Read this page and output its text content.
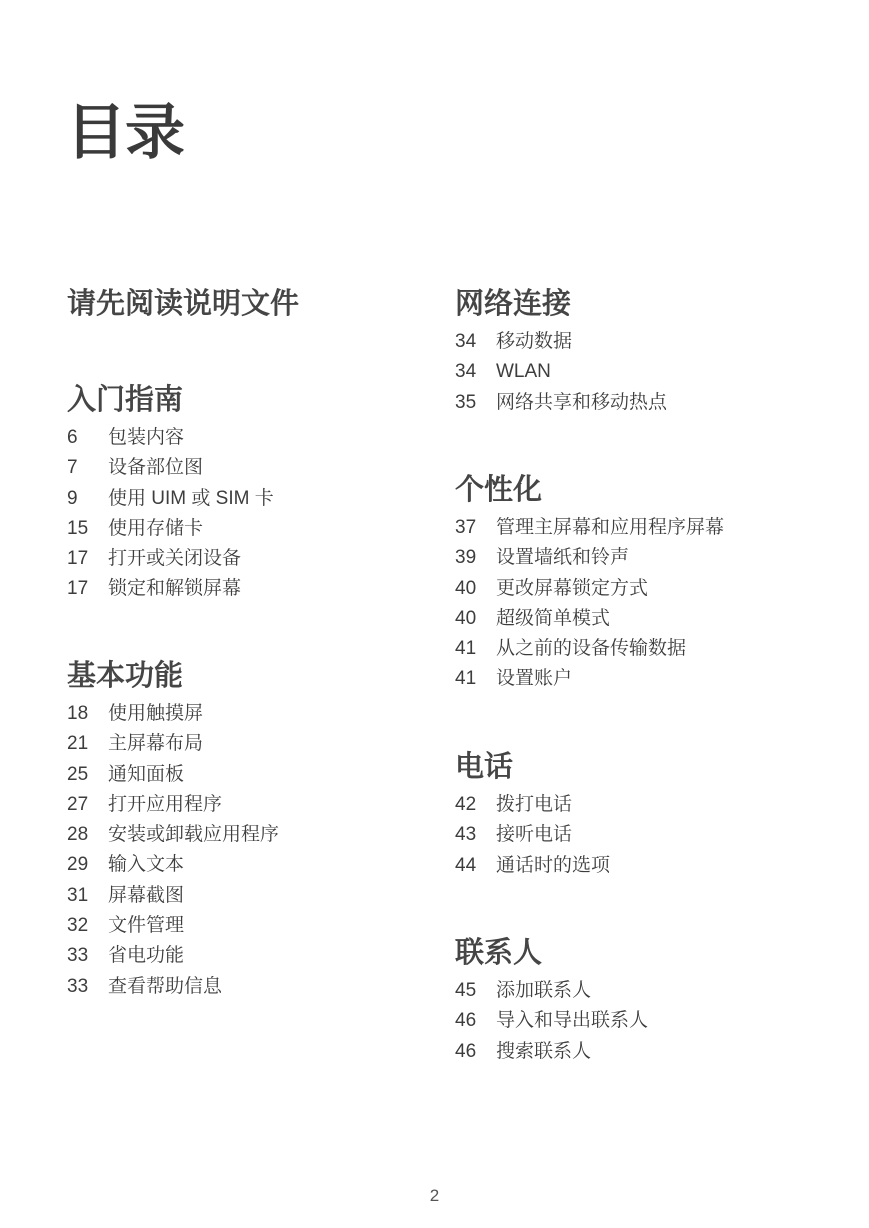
目录
请先阅读说明文件
入门指南
6	包装内容
7	设备部位图
9	使用 UIM 或 SIM 卡
15	使用存储卡
17	打开或关闭设备
17	锁定和解锁屏幕
基本功能
18	使用触摸屏
21	主屏幕布局
25	通知面板
27	打开应用程序
28	安装或卸载应用程序
29	输入文本
31	屏幕截图
32	文件管理
33	省电功能
33	查看帮助信息
网络连接
34	移动数据
34	WLAN
35	网络共享和移动热点
个性化
37	管理主屏幕和应用程序屏幕
39	设置墙纸和铃声
40	更改屏幕锁定方式
40	超级简单模式
41	从之前的设备传输数据
41	设置账户
电话
42	拨打电话
43	接听电话
44	通话时的选项
联系人
45	添加联系人
46	导入和导出联系人
46	搜索联系人
2
